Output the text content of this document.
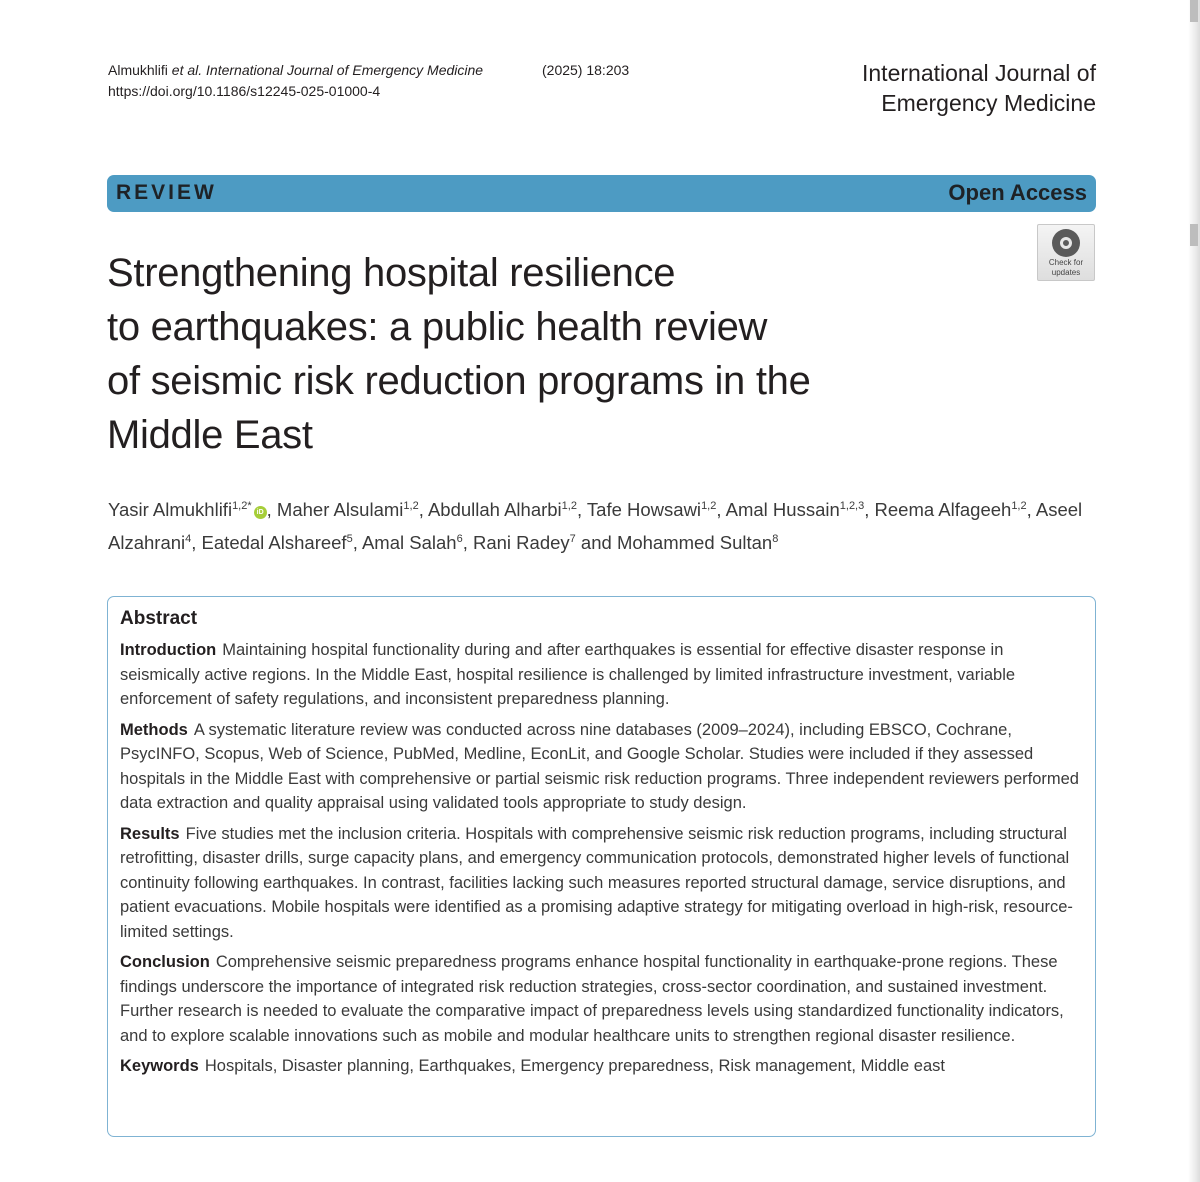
Almukhlifi et al. International Journal of Emergency Medicine	(2025) 18:203
https://doi.org/10.1186/s12245-025-01000-4
International Journal of
Emergency Medicine
REVIEW	Open Access
Check for
updates
Strengthening hospital resilience
to earthquakes: a public health review
of seismic risk reduction programs in the
Middle East
Yasir Almukhlifi$^{1,2*}$iD , Maher Alsulami$^{1,2}$, Abdullah Alharbi$^{1,2}$, Tafe Howsawi$^{1,2}$, Amal Hussain$^{1,2,3}$, Reema Alfageeh$^{1,2}$, Aseel Alzahrani$^4$, Eatedal Alshareef$^5$, Amal Salah$^6$, Rani Radey$^7$ and Mohammed Sultan$^8$
Abstract

Introduction Maintaining hospital functionality during and after earthquakes is essential for effective disaster response in seismically active regions. In the Middle East, hospital resilience is challenged by limited infrastructure investment, variable enforcement of safety regulations, and inconsistent preparedness planning.

Methods A systematic literature review was conducted across nine databases (2009–2024), including EBSCO, Cochrane, PsycINFO, Scopus, Web of Science, PubMed, Medline, EconLit, and Google Scholar. Studies were included if they assessed hospitals in the Middle East with comprehensive or partial seismic risk reduction programs. Three independent reviewers performed data extraction and quality appraisal using validated tools appropriate to study design.

Results Five studies met the inclusion criteria. Hospitals with comprehensive seismic risk reduction programs, including structural retrofitting, disaster drills, surge capacity plans, and emergency communication protocols, demonstrated higher levels of functional continuity following earthquakes. In contrast, facilities lacking such measures reported structural damage, service disruptions, and patient evacuations. Mobile hospitals were identified as a promising adaptive strategy for mitigating overload in high-risk, resource-limited settings.

Conclusion Comprehensive seismic preparedness programs enhance hospital functionality in earthquake-prone regions. These findings underscore the importance of integrated risk reduction strategies, cross-sector coordination, and sustained investment. Further research is needed to evaluate the comparative impact of preparedness levels using standardized functionality indicators, and to explore scalable innovations such as mobile and modular healthcare units to strengthen regional disaster resilience.

Keywords Hospitals, Disaster planning, Earthquakes, Emergency preparedness, Risk management, Middle east
